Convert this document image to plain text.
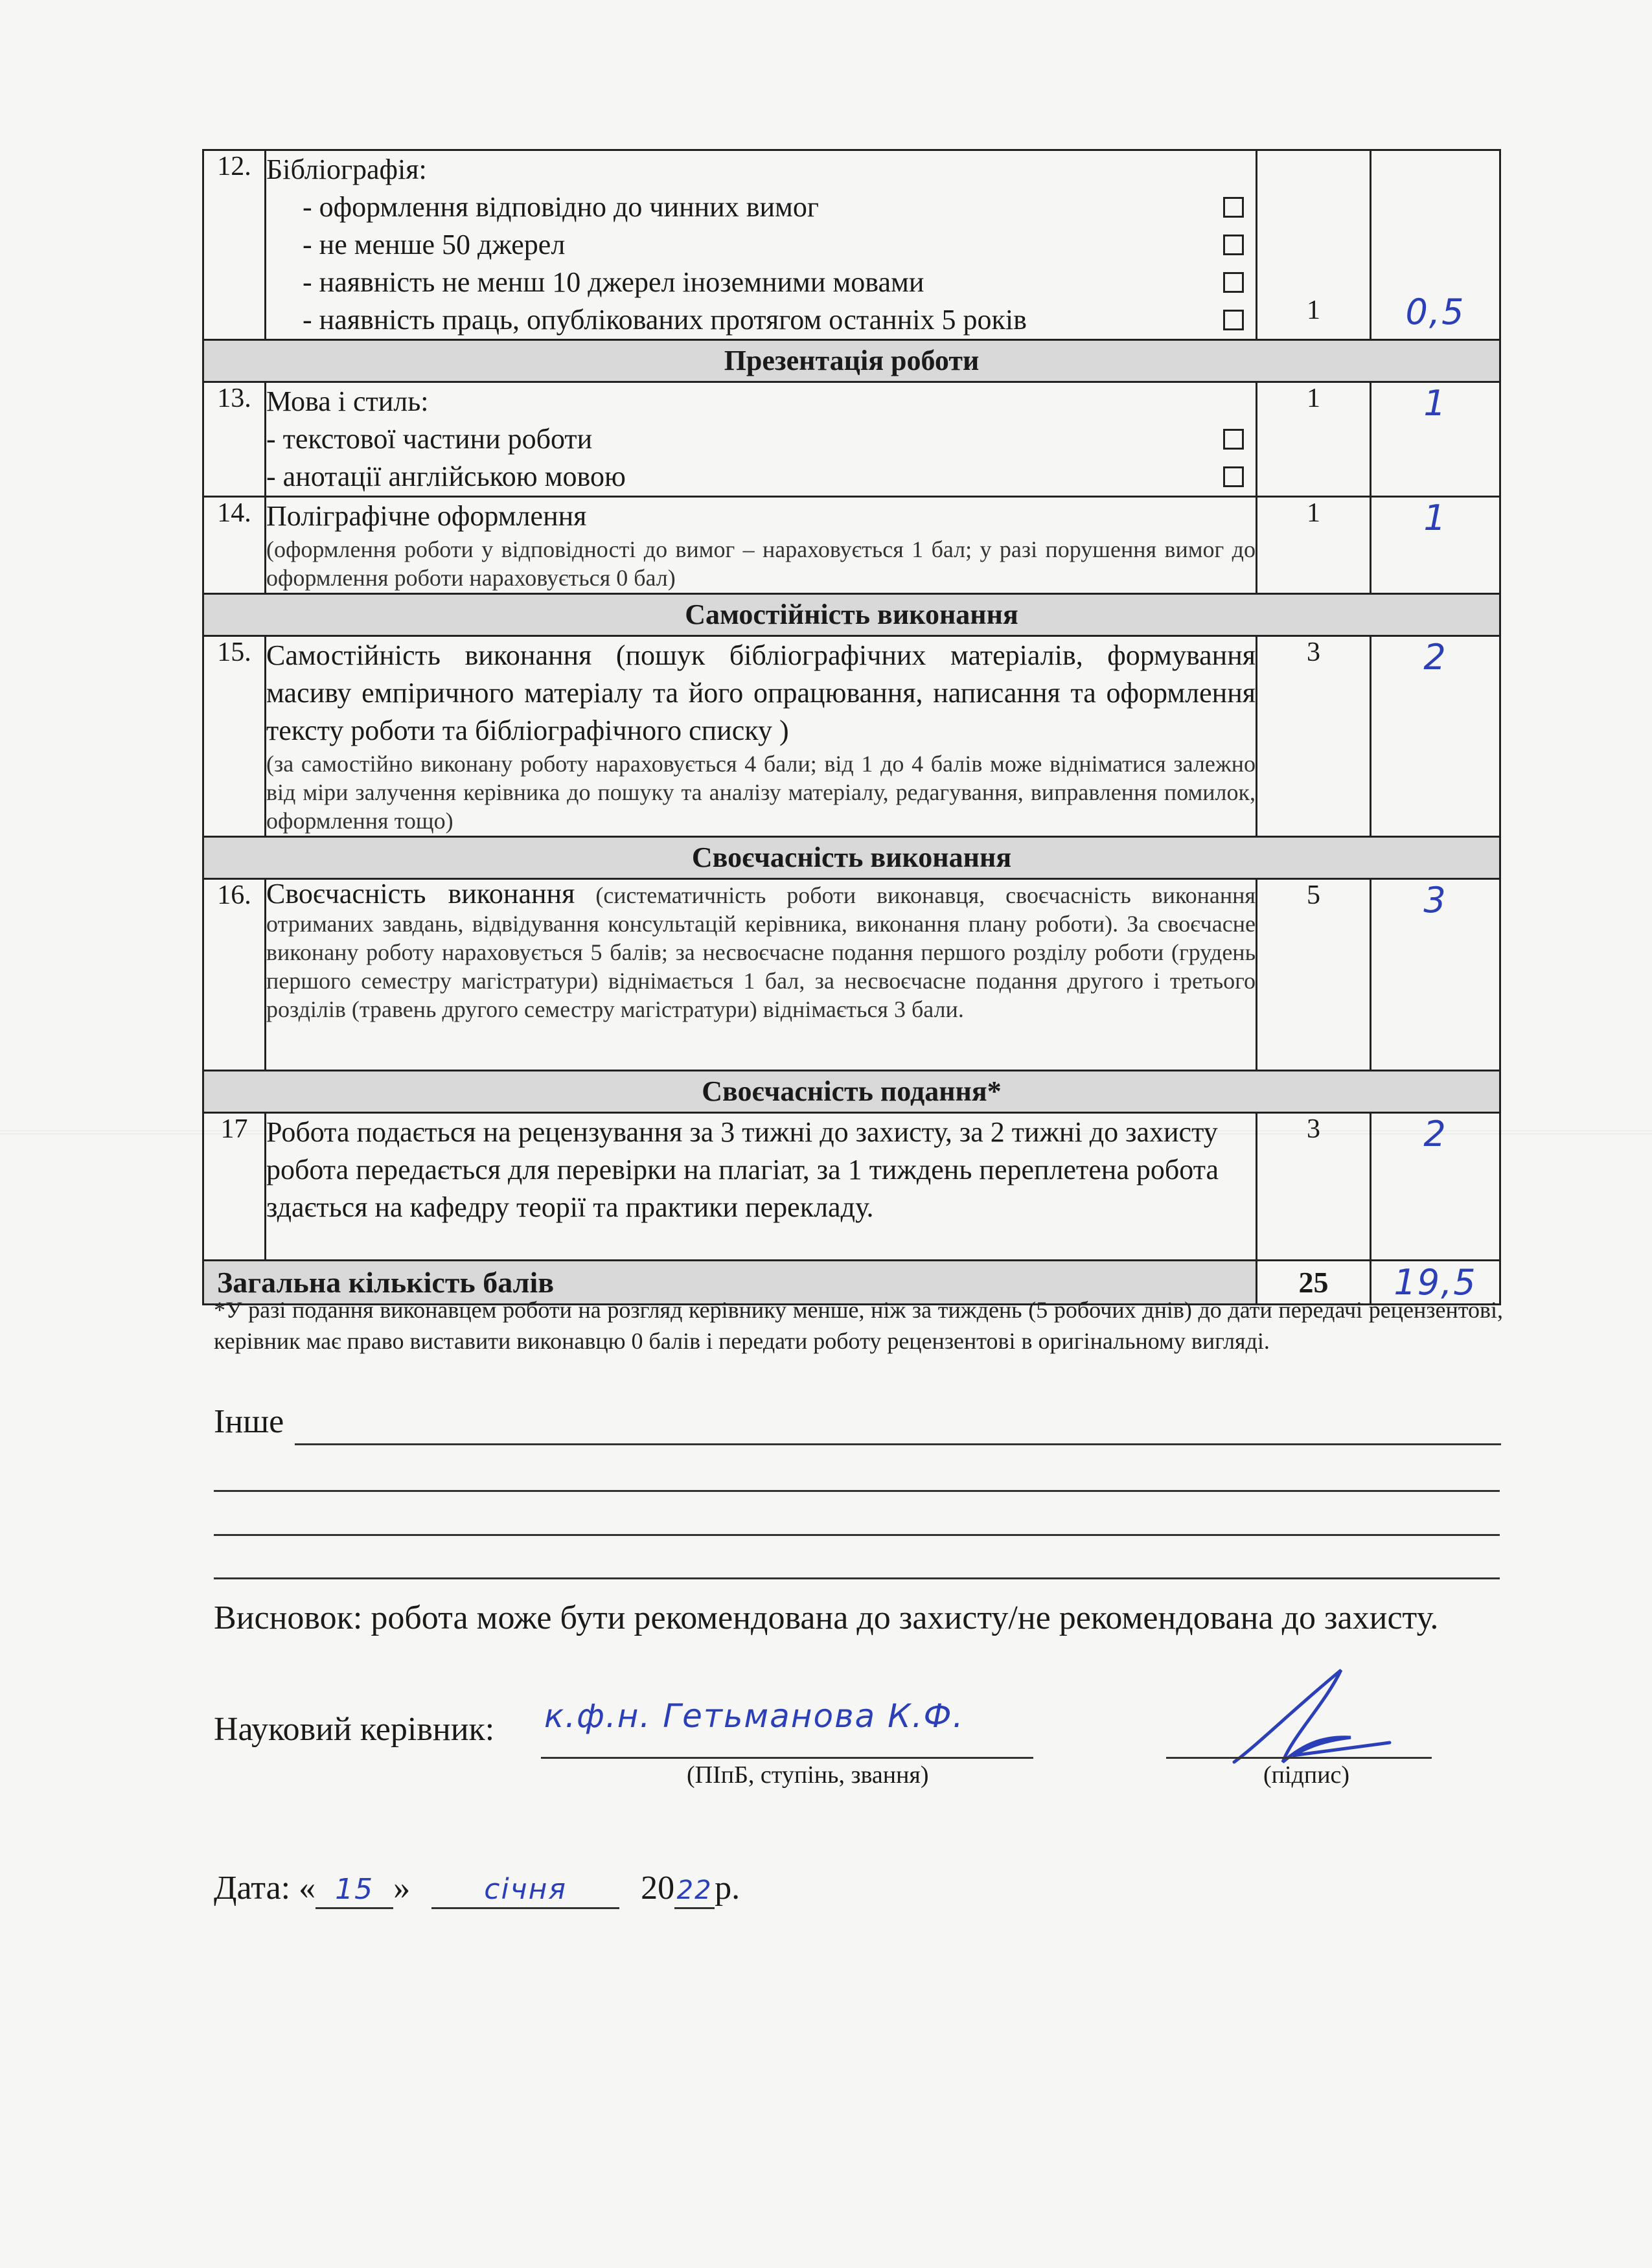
12.	Бібліографія:
- оформлення відповідно до чинних вимог
- не менше 50 джерел
- наявність не менш 10 джерел іноземними мовами
- наявність праць, опублікованих протягом останніх 5 років	1	0,5
Презентація роботи			
13.	Мова і стиль:
- текстової частини роботи
- анотації англійською мовою	1	1
14.	Поліграфічне оформлення
(оформлення роботи у відповідності до вимог – нараховується 1 бал; у разі порушення вимог до оформлення роботи нараховується 0 бал)	1	1
Самостійність виконання			
15.	Самостійність виконання (пошук бібліографічних матеріалів, формування масиву емпіричного матеріалу та його опрацювання, написання та оформлення тексту роботи та бібліографічного списку )
(за самостійно виконану роботу нараховується 4 бали; від 1 до 4 балів може відніматися залежно від міри залучення керівника до пошуку та аналізу матеріалу, редагування, виправлення помилок, оформлення тощо)	3	2
Своєчасність виконання			
16.	Своєчасність виконання (систематичність роботи виконавця, своєчасність виконання отриманих завдань, відвідування консультацій керівника, виконання плану роботи). За своєчасне виконану роботу нараховується 5 балів; за несвоєчасне подання першого розділу роботи (грудень першого семестру магістратури) віднімається 1 бал, за несвоєчасне подання другого і третього розділів (травень другого семестру магістратури) віднімається 3 бали.	5	3
Своєчасність подання*			
17	Робота подається на рецензування за 3 тижні до захисту, за 2 тижні до захисту робота передається для перевірки на плагіат, за 1 тиждень переплетена робота здається на кафедру теорії та практики перекладу.	3	2
Загальна кількість балів		25	19,5
*У разі подання виконавцем роботи на розгляд керівнику менше, ніж за тиждень (5 робочих днів) до дати передачі рецензентові, керівник має право виставити виконавцю 0 балів і передати роботу рецензентові в оригінальному вигляді.
Інше
Висновок: робота може бути рекомендована до захисту/не рекомендована до захисту.
Науковий керівник: к.ф.н. Гетьманова К.Ф.
(ПІпБ, ступінь, звання)	(підпис)
Дата: « 15 »	січня 2022р.
